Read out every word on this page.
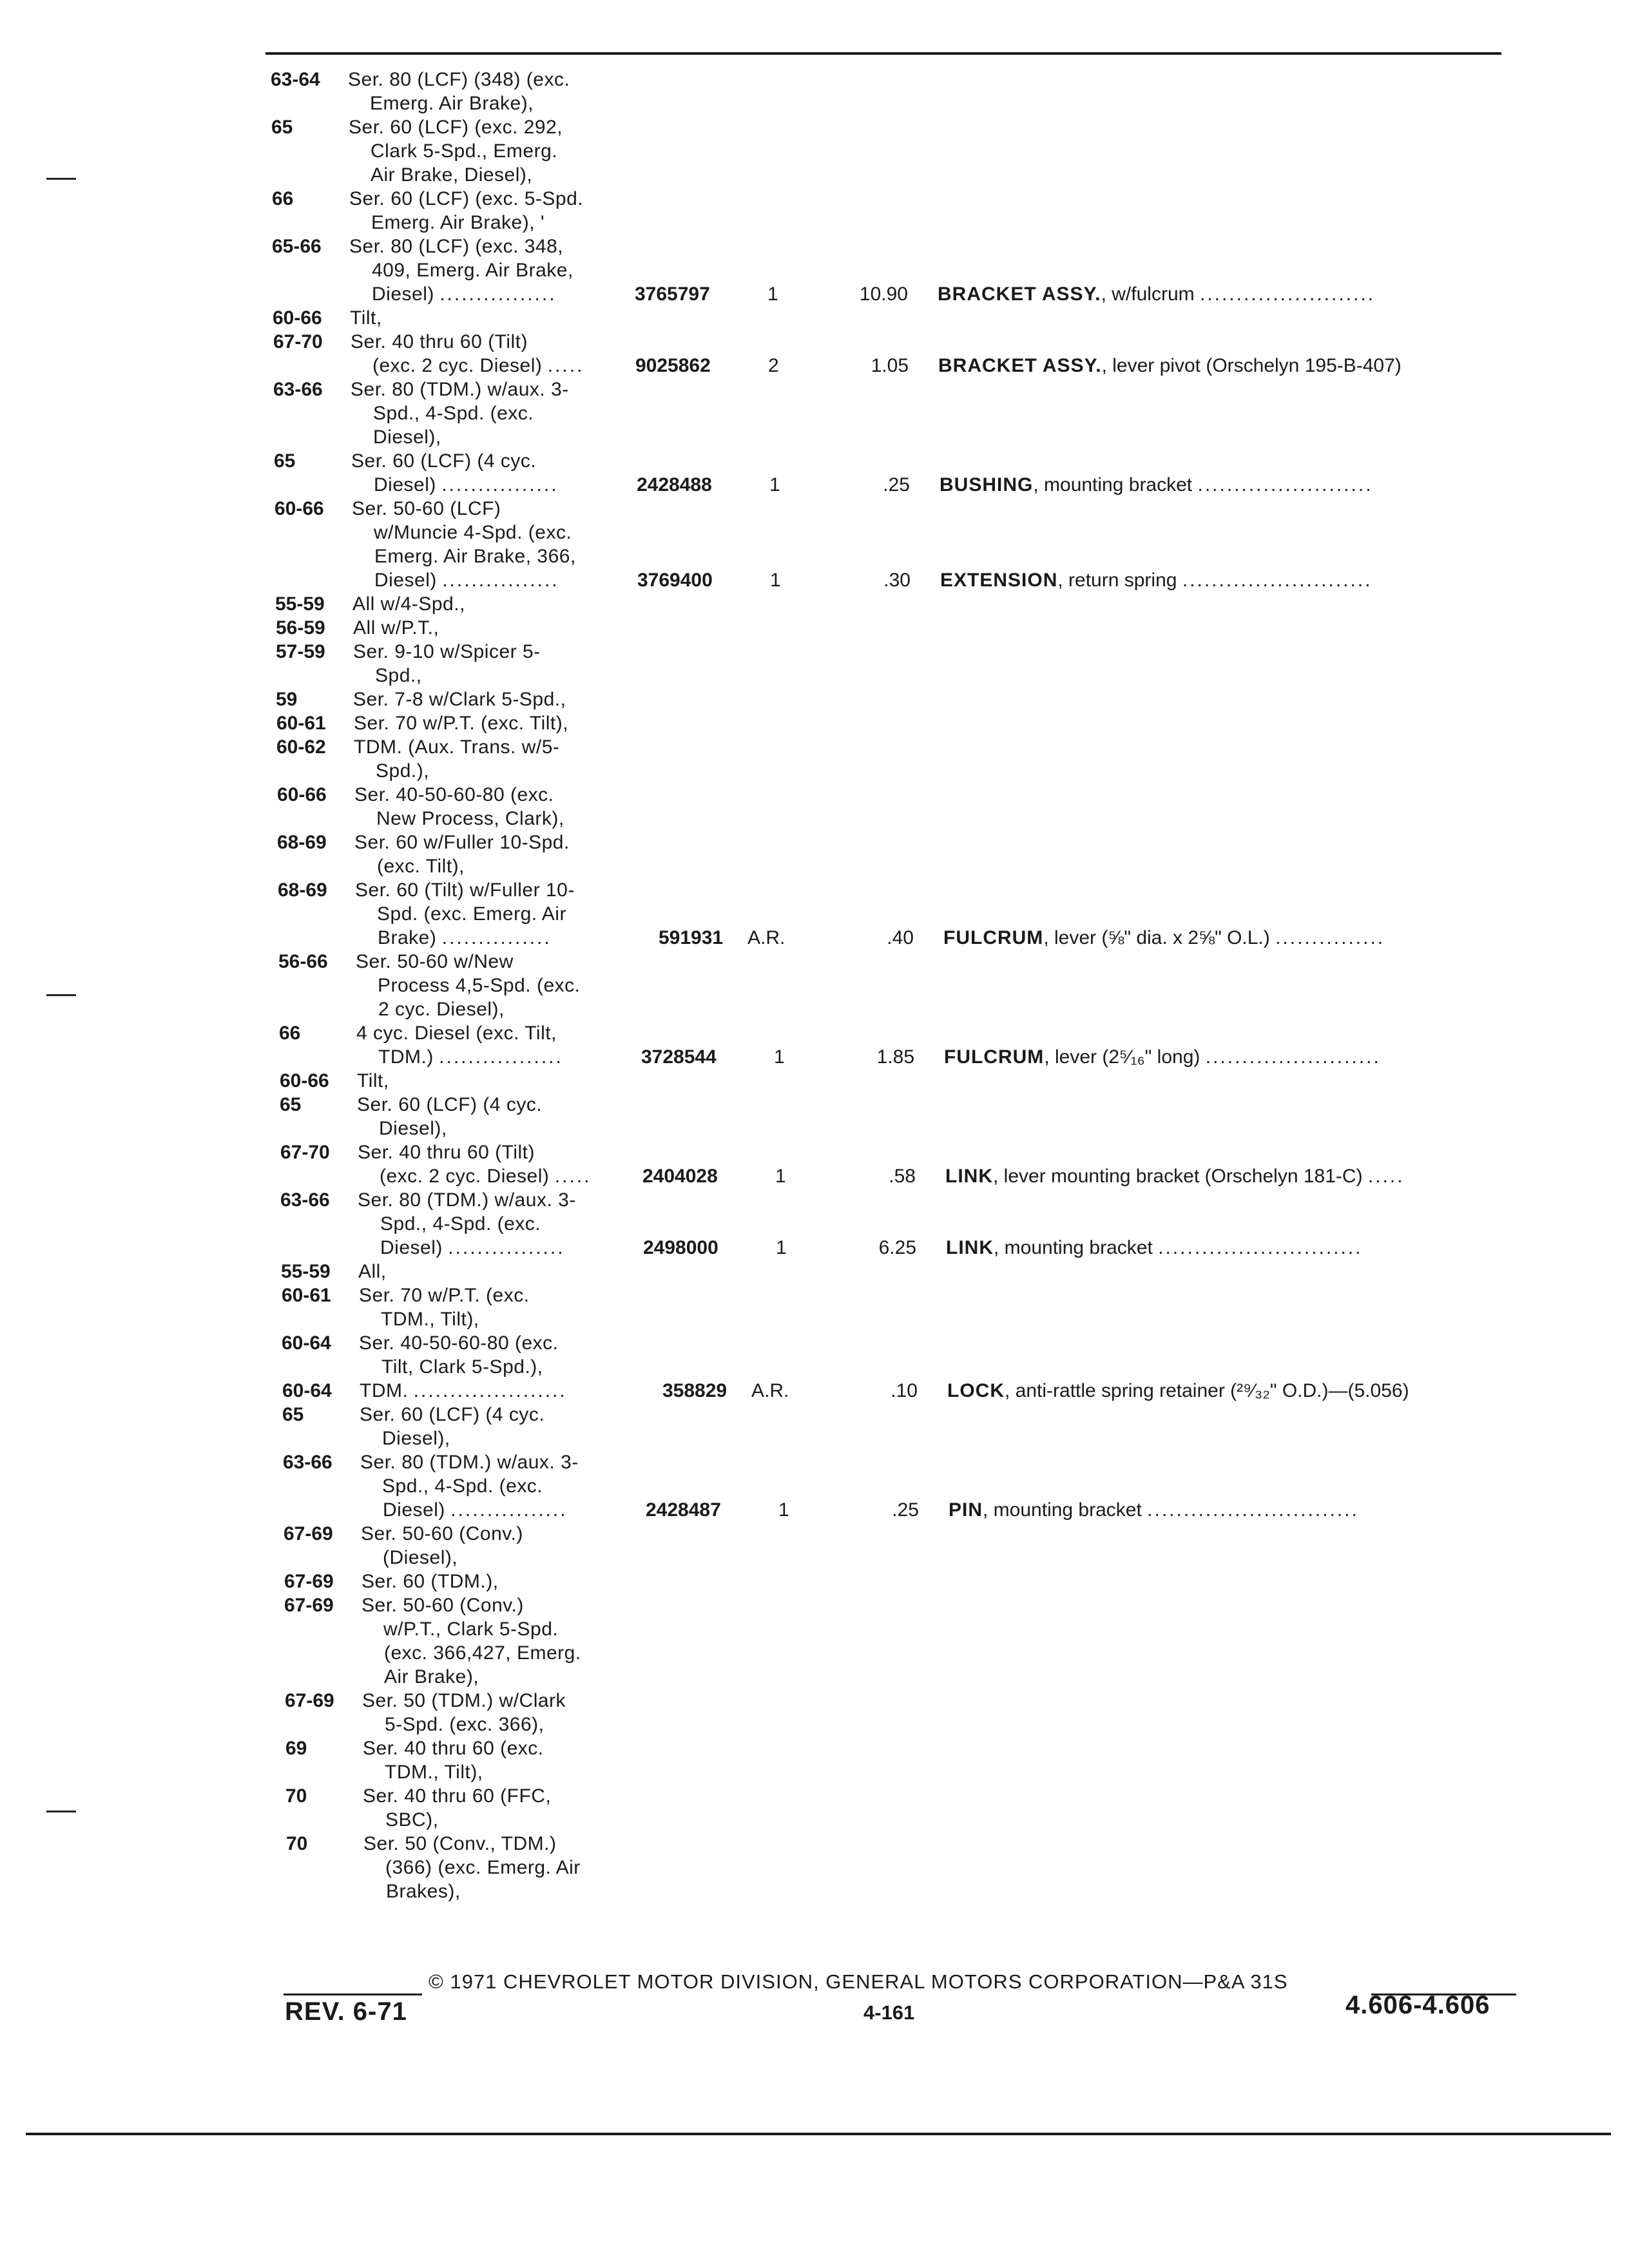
63-64 Ser. 80 (LCF) (348) (exc.
Emerg. Air Brake),
65	Ser. 60 (LCF) (exc. 292,
Clark 5-Spd., Emerg.
Air Brake, Diesel),
66	Ser. 60 (LCF) (exc. 5-Spd.
Emerg. Air Brake), '
65-66 Ser. 80 (LCF) (exc. 348,
409, Emerg. Air Brake,
Diesel) ................	3765797	1	10.90 BRACKET ASSY., w/fulcrum ........................
60-66 Tilt,
67-70 Ser. 40 thru 60 (Tilt)
(exc. 2 cyc. Diesel) .....	9025862	2	1.05 BRACKET ASSY., lever pivot (Orschelyn 195-B-407)
63-66 Ser. 80 (TDM.) w/aux. 3-
Spd., 4-Spd. (exc.
Diesel),
65	Ser. 60 (LCF) (4 cyc.
Diesel) ................	2428488	1	.25 BUSHING, mounting bracket ........................
60-66 Ser. 50-60 (LCF)
w/Muncie 4-Spd. (exc.
Emerg. Air Brake, 366,
Diesel) ................	3769400	1	.30 EXTENSION, return spring ..........................
55-59 All w/4-Spd.,
56-59 All w/P.T.,
57-59 Ser. 9-10 w/Spicer 5-
Spd.,
59	Ser. 7-8 w/Clark 5-Spd.,
60-61 Ser. 70 w/P.T. (exc. Tilt),
60-62 TDM. (Aux. Trans. w/5-
Spd.),
60-66 Ser. 40-50-60-80 (exc.
New Process, Clark),
68-69 Ser. 60 w/Fuller 10-Spd.
(exc. Tilt),
68-69 Ser. 60 (Tilt) w/Fuller 10-
Spd. (exc. Emerg. Air
Brake) ...............	591931 A.R.	.40 FULCRUM, lever (⅝" dia. x 2⅝" O.L.) ...............
56-66 Ser. 50-60 w/New
Process 4,5-Spd. (exc.
2 cyc. Diesel),
66	4 cyc. Diesel (exc. Tilt,
TDM.) .................	3728544	1	1.85 FULCRUM, lever (2⁵⁄₁₆" long) ........................
60-66 Tilt,
65	Ser. 60 (LCF) (4 cyc.
Diesel),
67-70 Ser. 40 thru 60 (Tilt)
(exc. 2 cyc. Diesel) .....	2404028	1	.58 LINK, lever mounting bracket (Orschelyn 181-C) .....
63-66 Ser. 80 (TDM.) w/aux. 3-
Spd., 4-Spd. (exc.
Diesel) ................	2498000	1	6.25 LINK, mounting bracket ............................
55-59 All,
60-61 Ser. 70 w/P.T. (exc.
TDM., Tilt),
60-64 Ser. 40-50-60-80 (exc.
Tilt, Clark 5-Spd.),
60-64 TDM. .....................	358829 A.R.	.10 LOCK, anti-rattle spring retainer (²⁹⁄₃₂" O.D.)—(5.056)
65	Ser. 60 (LCF) (4 cyc.
Diesel),
63-66 Ser. 80 (TDM.) w/aux. 3-
Spd., 4-Spd. (exc.
Diesel) ................	2428487	1	.25 PIN, mounting bracket .............................
67-69 Ser. 50-60 (Conv.)
(Diesel),
67-69 Ser. 60 (TDM.),
67-69 Ser. 50-60 (Conv.)
w/P.T., Clark 5-Spd.
(exc. 366,427, Emerg.
Air Brake),
67-69 Ser. 50 (TDM.) w/Clark
5-Spd. (exc. 366),
69	Ser. 40 thru 60 (exc.
TDM., Tilt),
70	Ser. 40 thru 60 (FFC,
SBC),
70	Ser. 50 (Conv., TDM.)
(366) (exc. Emerg. Air
Brakes),
© 1971 CHEVROLET MOTOR DIVISION, GENERAL MOTORS CORPORATION—P&A 31S
REV. 6-71	4-161	4.606-4.606
